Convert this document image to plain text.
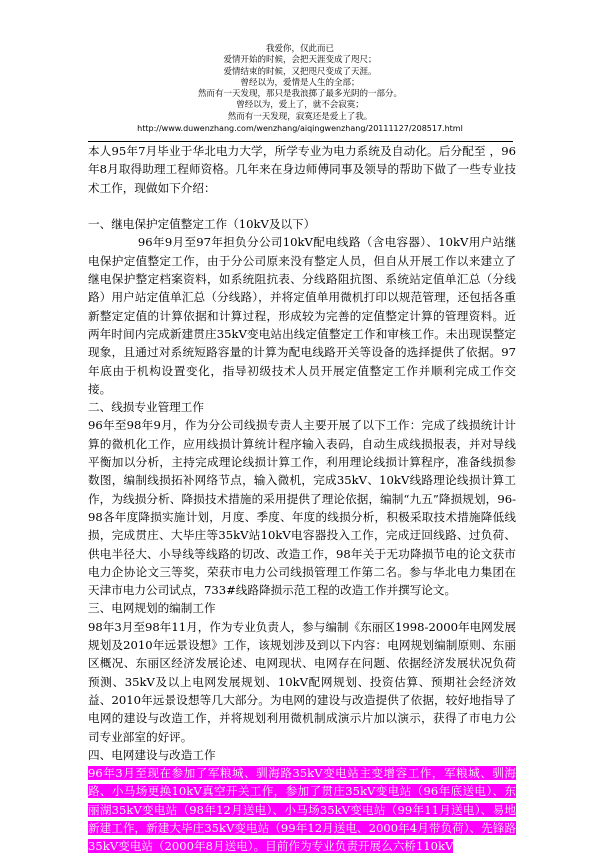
我爱你，仅此而已
爱情开始的时候，会把天涯变成了咫尺；
爱情结束的时候，又把咫尺变成了天涯。
曾经以为，爱情是人生的全部；
然而有一天发现，那只是我浪掷了最多光阴的一部分。
曾经以为，爱上了，就不会寂寞；
然而有一天发现，寂寞还是爱上了我。
http://www.duwenzhang.com/wenzhang/aiqingwenzhang/20111127/208517.html

本人95年7月毕业于华北电力大学，所学专业为电力系统及自动化。后分配至 ，96年8月取得助理工程师资格。几年来在身边师傅同事及领导的帮助下做了一些专业技术工作，现做如下介绍：

一、继电保护定值整定工作（10kV及以下）

96年9月至97年担负分公司10kV配电线路（含电容器）、10kV用户站继电保护定值整定工作，由于分公司原来没有整定人员，但自从开展工作以来建立了继电保护整定档案资料，如系统阻抗表、分线路阻抗图、系统站定值单汇总（分线路）用户站定值单汇总（分线路），并将定值单用微机打印以规范管理，还包括各重新整定定值的计算依据和计算过程，形成较为完善的定值整定计算的管理资料。近两年时间内完成新建贯庄35kV变电站出线定值整定工作和审核工作。未出现误整定现象，且通过对系统短路容量的计算为配电线路开关等设备的选择提供了依据。97年底由于机构设置变化，指导初级技术人员开展定值整定工作并顺利完成工作交接。

二、线损专业管理工作

96年至98年9月，作为分公司线损专责人主要开展了以下工作：完成了线损统计计算的微机化工作，应用线损计算统计程序输入表码，自动生成线损报表，并对导线平衡加以分析，主持完成理论线损计算工作，利用理论线损计算程序，准备线损参数图，编制线损拓补网络节点，输入微机，完成35kV、10kV线路理论线损计算工作，为线损分析、降损技术措施的采用提供了理论依据，编制“九五”降损规划，96-98各年度降损实施计划，月度、季度、年度的线损分析，积极采取技术措施降低线损，完成贯庄、大毕庄等35kV站10kV电容器投入工作，完成迂回线路、过负荷、供电半径大、小导线等线路的切改、改造工作，98年关于无功降损节电的论文获市电力企协论文三等奖，荣获市电力公司线损管理工作第二名。参与华北电力集团在天津市电力公司试点，733#线路降损示范工程的改造工作并撰写论文。

三、电网规划的编制工作

98年3月至98年11月，作为专业负责人，参与编制《东丽区1998-2000年电网发展规划及2010年远景设想》工作，该规划涉及到以下内容：电网规划编制原则、东丽区概况、东丽区经济发展论述、电网现状、电网存在问题、依据经济发展状况负荷预测、35kV及以上电网发展规划、10kV配网规划、投资估算、预期社会经济效益、2010年远景设想等几大部分。为电网的建设与改造提供了依据，较好地指导了电网的建设与改造工作，并将规划利用微机制成演示片加以演示，获得了市电力公司专业部室的好评。

四、电网建设与改造工作

96年3月至现在参加了军粮城、驯海路35kV变电站主变增容工作，军粮城、驯海路、小马场更换10kV真空开关工作，参加了贯庄35kV变电站（96年底送电）、东丽湖35kV变电站（98年12月送电）、小马场35kV变电站（99年11月送电）、易地新建工作，新建大毕庄35kV变电站（99年12月送电、2000年4月带负荷）、先锋路35kV变电站（2000年8月送电）。目前作为专业负责开展么六桥110kV
